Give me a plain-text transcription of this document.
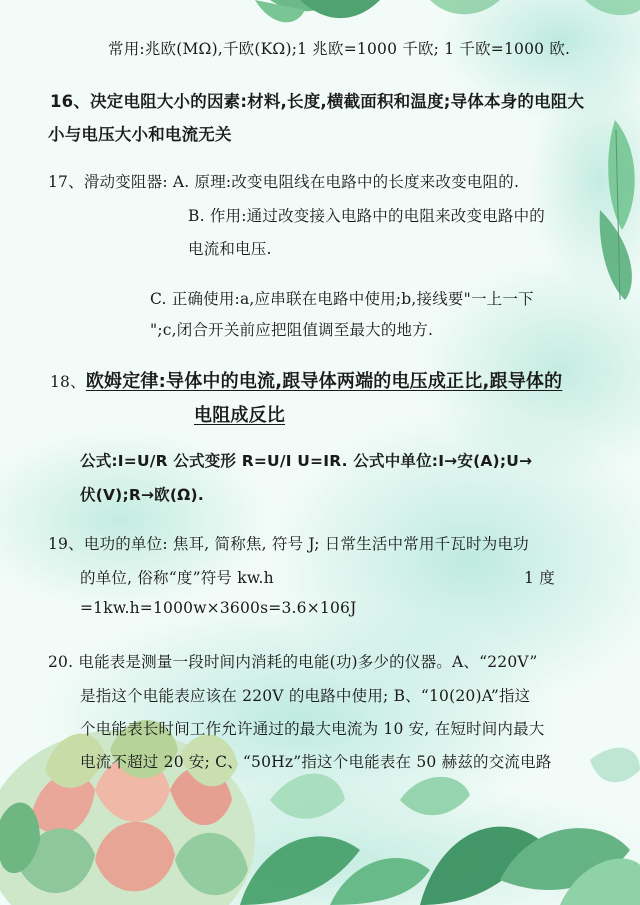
常用:兆欧(MΩ),千欧(KΩ);1 兆欧=1000 千欧; 1 千欧=1000 欧.
16、决定电阻大小的因素:材料,长度,横截面积和温度;导体本身的电阻大
小与电压大小和电流无关
17、滑动变阻器: A. 原理:改变电阻线在电路中的长度来改变电阻的.
B. 作用:通过改变接入电路中的电阻来改变电路中的
电流和电压.
C. 正确使用:a,应串联在电路中使用;b,接线要"一上一下
";c,闭合开关前应把阻值调至最大的地方.
18、欧姆定律:导体中的电流,跟导体两端的电压成正比,跟导体的
电阻成反比
公式:I=U/R 公式变形 R=U/I U=IR. 公式中单位:I→安(A);U→
伏(V);R→欧(Ω).
19、电功的单位: 焦耳, 简称焦, 符号 J; 日常生活中常用千瓦时为电功
的单位, 俗称“度”符号 kw.h	1 度
=1kw.h=1000w×3600s=3.6×106J
20. 电能表是测量一段时间内消耗的电能(功)多少的仪器。A、“220V”
是指这个电能表应该在 220V 的电路中使用; B、“10(20)A”指这
个电能表长时间工作允许通过的最大电流为 10 安, 在短时间内最大
电流不超过 20 安; C、“50Hz”指这个电能表在 50 赫兹的交流电路
